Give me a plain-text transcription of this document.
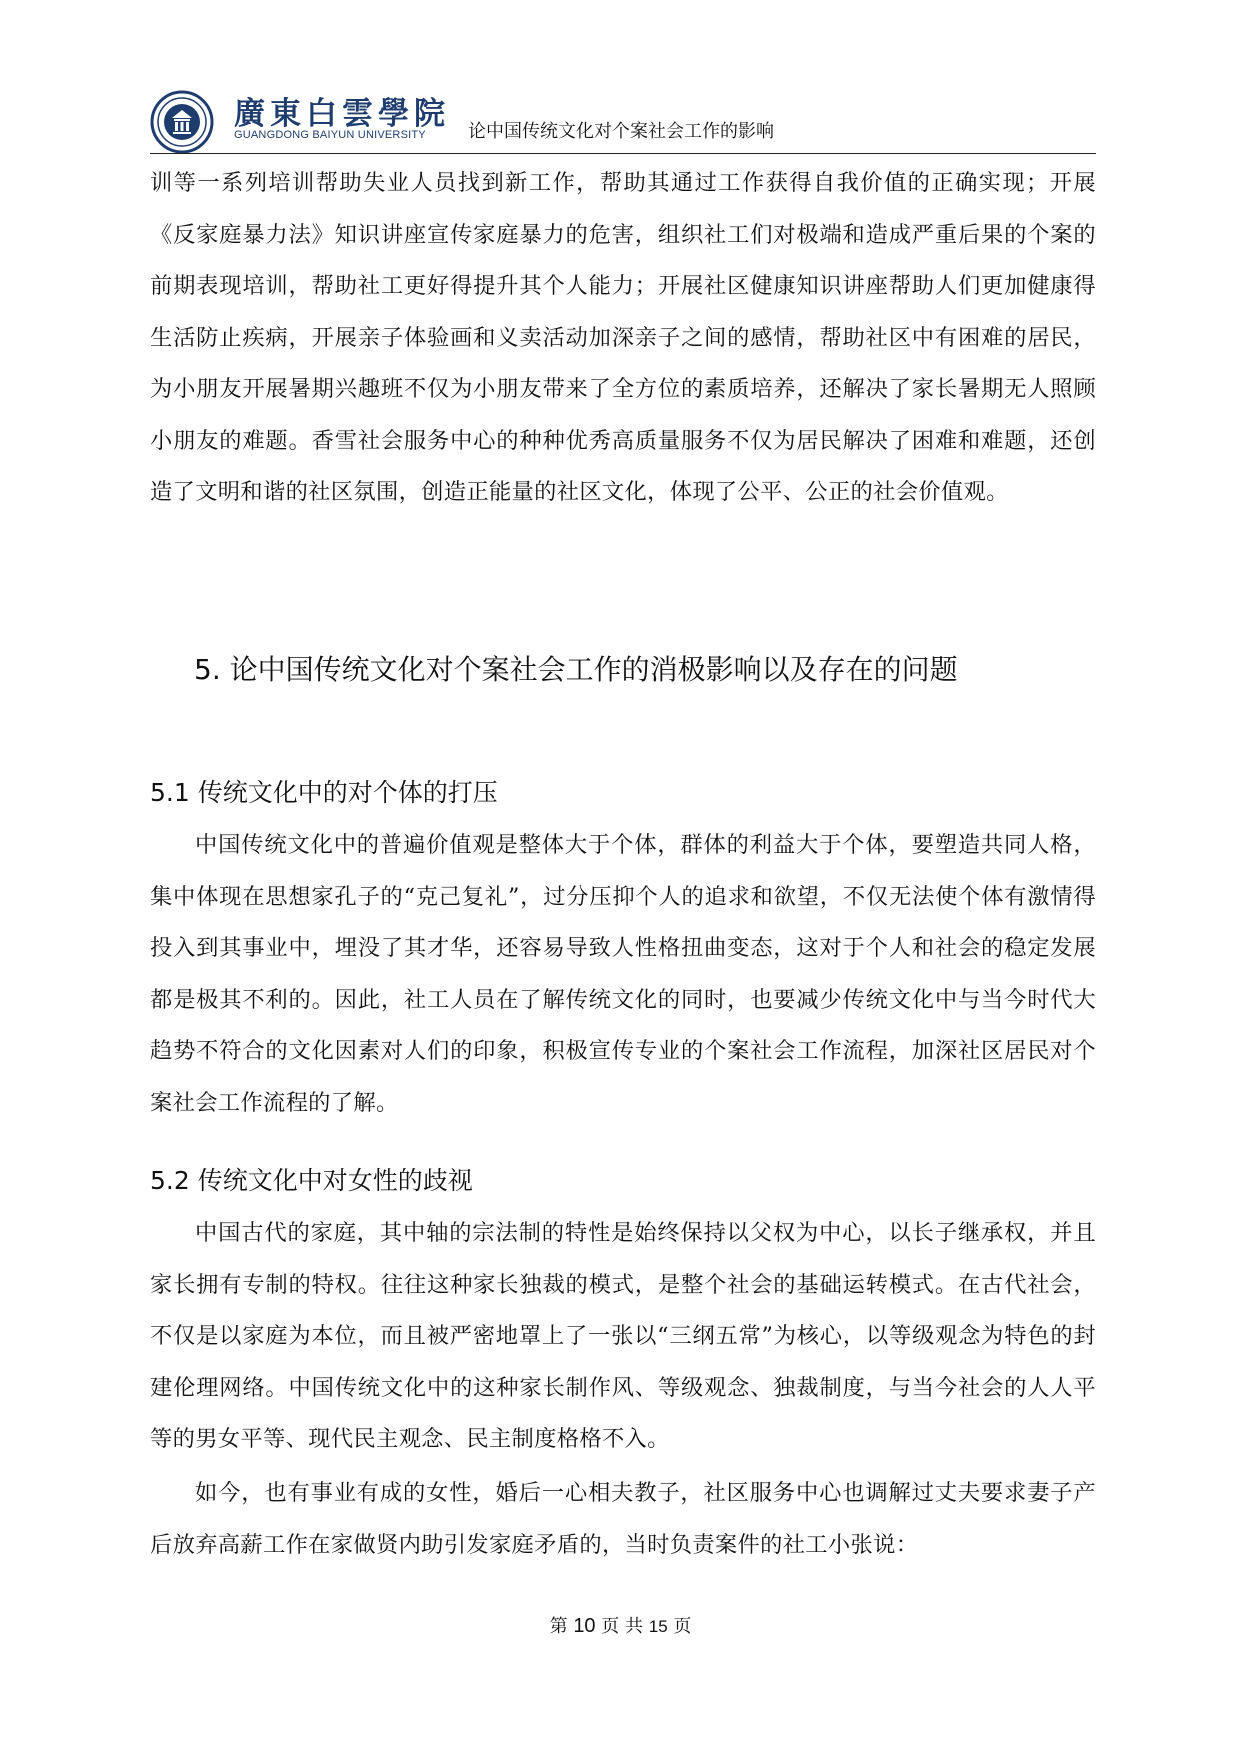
廣東白雲學院
GUANGDONG BAIYUN UNIVERSITY 论中国传统文化对个案社会工作的影响

训等一系列培训帮助失业人员找到新工作，帮助其通过工作获得自我价值的正确实现；开展《反家庭暴力法》知识讲座宣传家庭暴力的危害，组织社工们对极端和造成严重后果的个案的前期表现培训，帮助社工更好得提升其个人能力；开展社区健康知识讲座帮助人们更加健康得生活防止疾病，开展亲子体验画和义卖活动加深亲子之间的感情，帮助社区中有困难的居民，为小朋友开展暑期兴趣班不仅为小朋友带来了全方位的素质培养，还解决了家长暑期无人照顾小朋友的难题。香雪社会服务中心的种种优秀高质量服务不仅为居民解决了困难和难题，还创造了文明和谐的社区氛围，创造正能量的社区文化，体现了公平、公正的社会价值观。

5. 论中国传统文化对个案社会工作的消极影响以及存在的问题
5.1 传统文化中的对个体的打压

中国传统文化中的普遍价值观是整体大于个体，群体的利益大于个体，要塑造共同人格，集中体现在思想家孔子的“克己复礼”，过分压抑个人的追求和欲望，不仅无法使个体有激情得投入到其事业中，埋没了其才华，还容易导致人性格扭曲变态，这对于个人和社会的稳定发展都是极其不利的。因此，社工人员在了解传统文化的同时，也要减少传统文化中与当今时代大趋势不符合的文化因素对人们的印象，积极宣传专业的个案社会工作流程，加深社区居民对个案社会工作流程的了解。

5.2 传统文化中对女性的歧视

中国古代的家庭，其中轴的宗法制的特性是始终保持以父权为中心，以长子继承权，并且家长拥有专制的特权。往往这种家长独裁的模式，是整个社会的基础运转模式。在古代社会，不仅是以家庭为本位，而且被严密地罩上了一张以“三纲五常”为核心，以等级观念为特色的封建伦理网络。中国传统文化中的这种家长制作风、等级观念、独裁制度，与当今社会的人人平等的男女平等、现代民主观念、民主制度格格不入。

如今，也有事业有成的女性，婚后一心相夫教子，社区服务中心也调解过丈夫要求妻子产后放弃高薪工作在家做贤内助引发家庭矛盾的，当时负责案件的社工小张说：

第 10 页 共 15 页
